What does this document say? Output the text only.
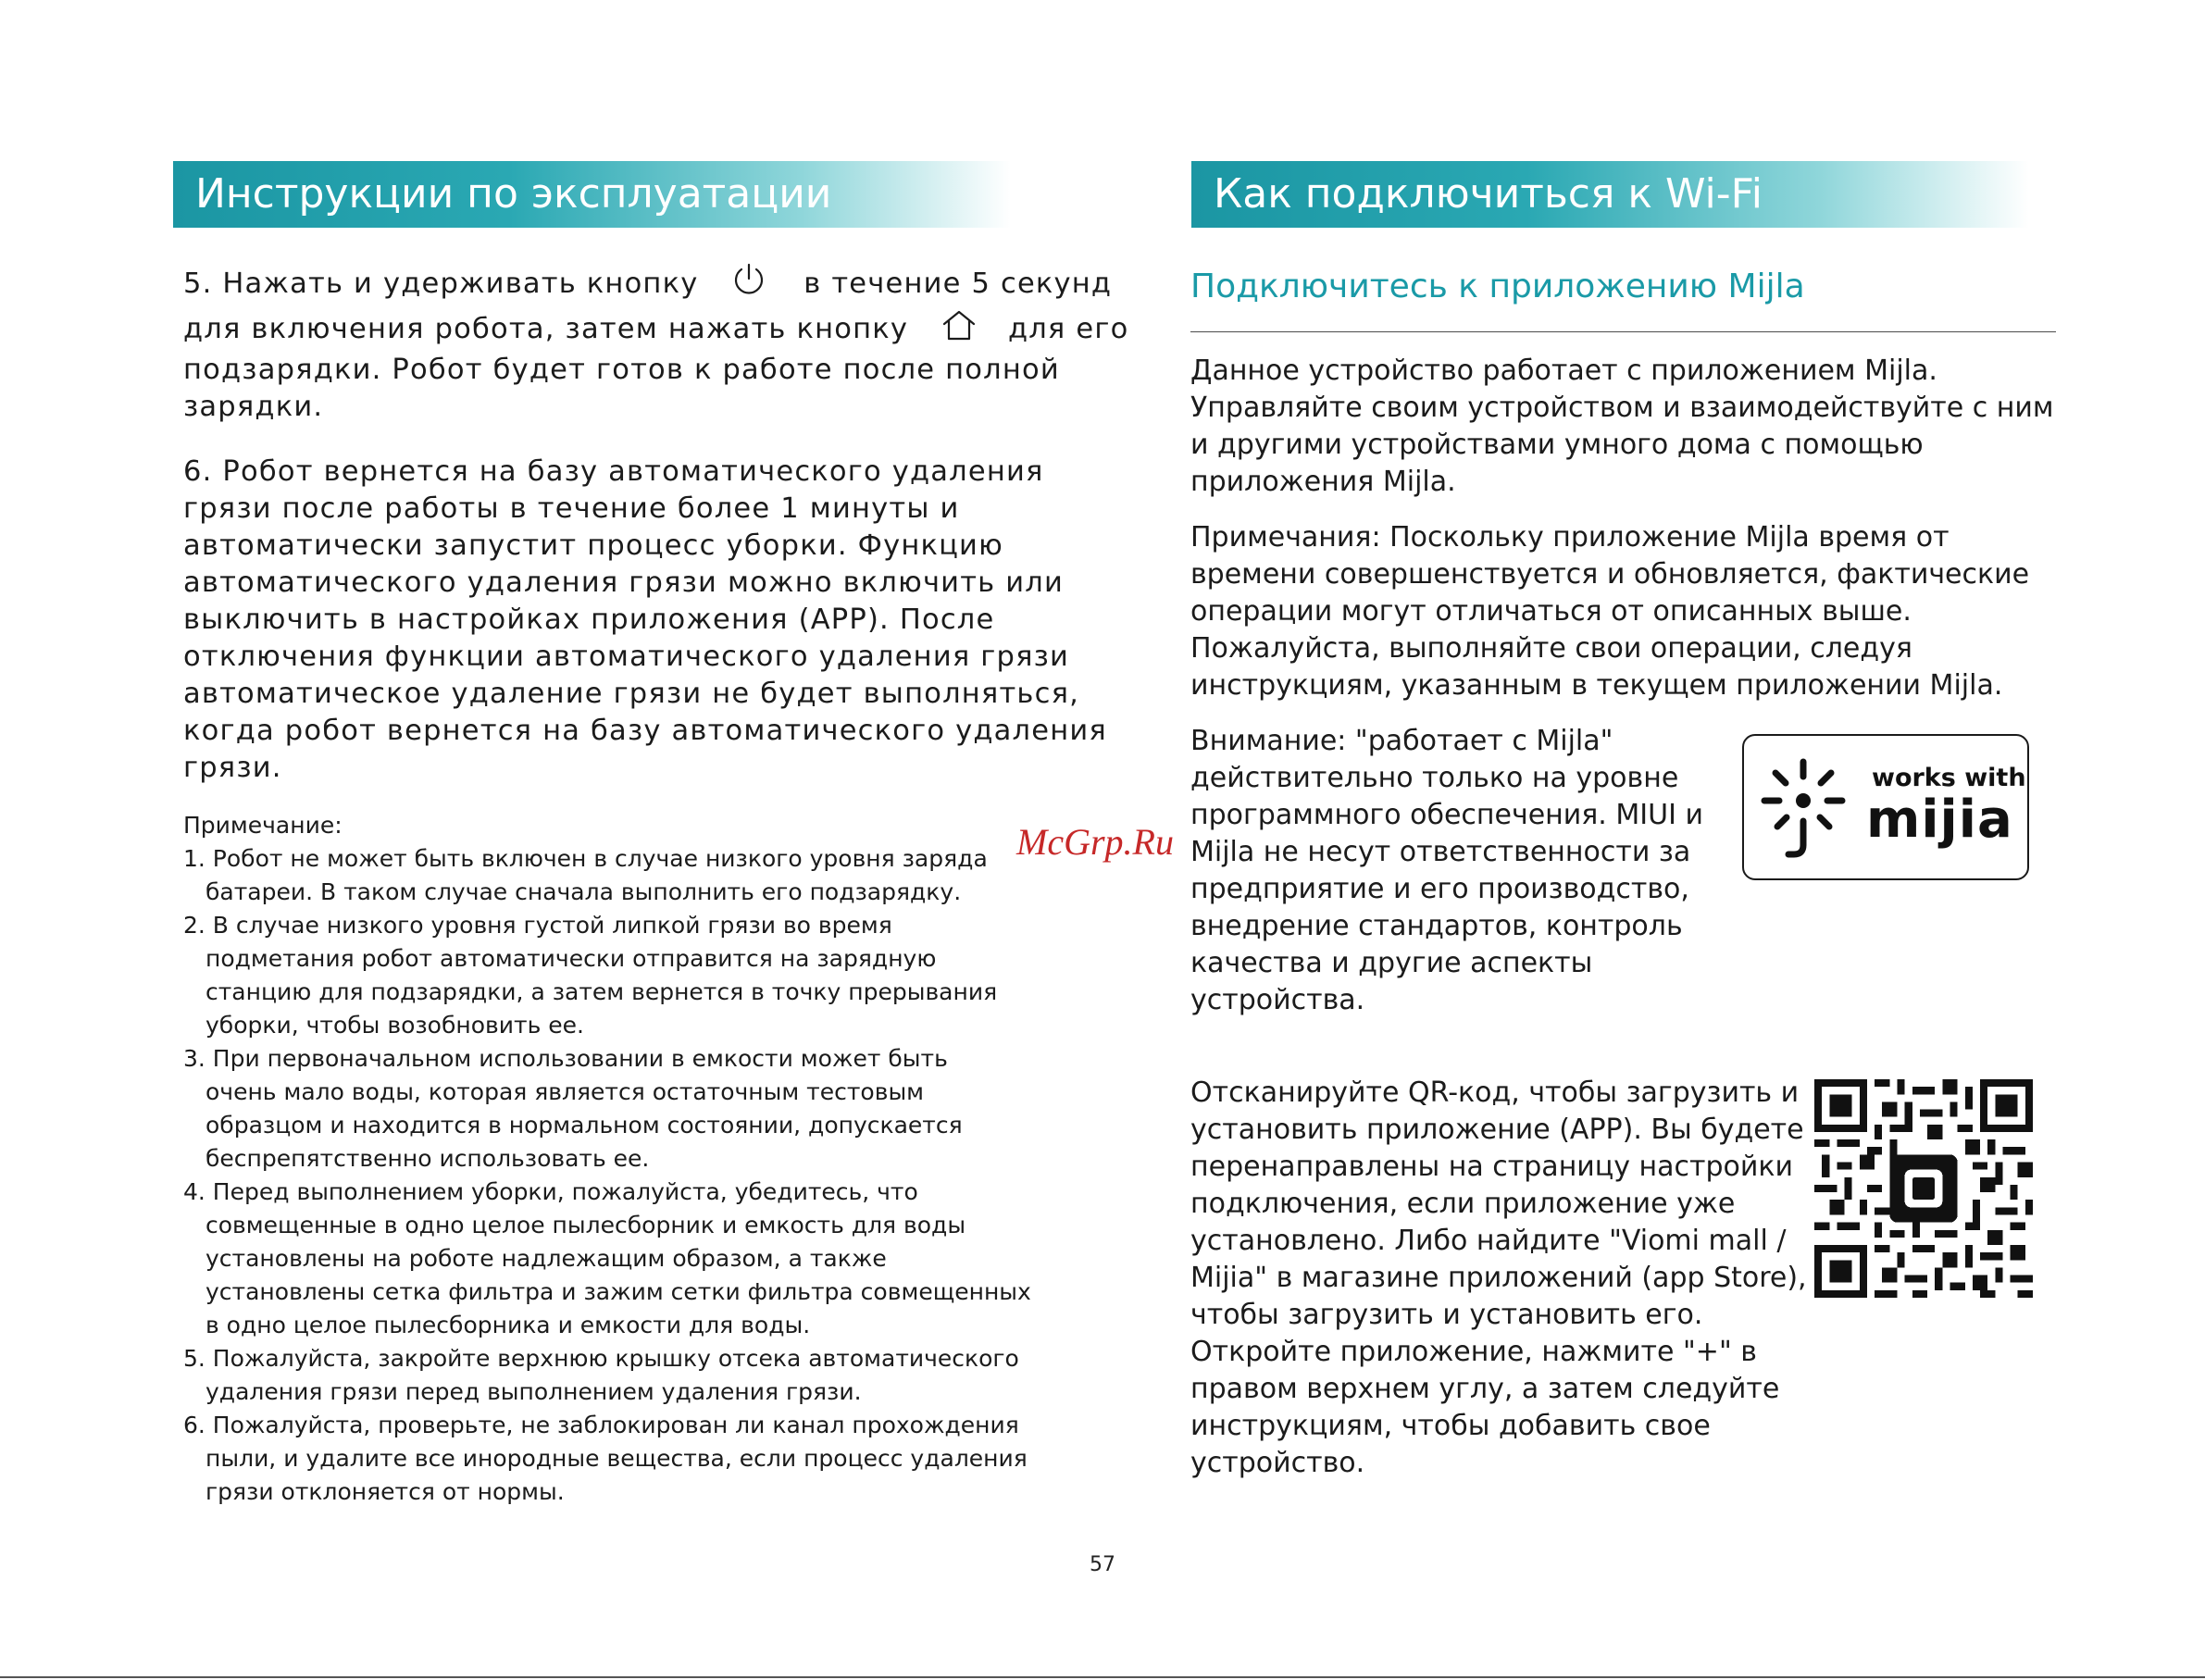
Инструкции по эксплуатации	Как подключиться к Wi-Fi
5. Нажать и удерживать кнопку	в течение 5 секунд
для включения робота, затем нажать кнопку	для его
подзарядки. Робот будет готов к работе после полной
зарядки.
6. Робот вернется на базу автоматического удаления
грязи после работы в течение более 1 минуты и
автоматически запустит процесс уборки. Функцию
автоматического удаления грязи можно включить или
выключить в настройках приложения (APP). После
отключения функции автоматического удаления грязи
автоматическое удаление грязи не будет выполняться,
когда робот вернется на базу автоматического удаления
грязи.
Примечание:
1. Робот не может быть включен в случае низкого уровня заряда
батареи. В таком случае сначала выполнить его подзарядку.
2. В случае низкого уровня густой липкой грязи во время
подметания робот автоматически отправится на зарядную
станцию для подзарядки, а затем вернется в точку прерывания
уборки, чтобы возобновить ее.
3. При первоначальном использовании в емкости может быть
очень мало воды, которая является остаточным тестовым
образцом и находится в нормальном состоянии, допускается
беспрепятственно использовать ее.
4. Перед выполнением уборки, пожалуйста, убедитесь, что
совмещенные в одно целое пылесборник и емкость для воды
установлены на роботе надлежащим образом, а также
установлены сетка фильтра и зажим сетки фильтра совмещенных
в одно целое пылесборника и емкости для воды.
5. Пожалуйста, закройте верхнюю крышку отсека автоматического
удаления грязи перед выполнением удаления грязи.
6. Пожалуйста, проверьте, не заблокирован ли канал прохождения
пыли, и удалите все инородные вещества, если процесс удаления
грязи отклоняется от нормы.
Подключитесь к приложению Mijla
Данное устройство работает с приложением Mijla.
Управляйте своим устройством и взаимодействуйте с ним
и другими устройствами умного дома с помощью
приложения Mijla.
Примечания: Поскольку приложение Mijla время от
времени совершенствуется и обновляется, фактические
операции могут отличаться от описанных выше.
Пожалуйста, выполняйте свои операции, следуя
инструкциям, указанным в текущем приложении Mijla.
Внимание: "работает с Mijla"
действительно только на уровне
программного обеспечения. MIUI и
Mijla не несут ответственности за
предприятие и его производство,
внедрение стандартов, контроль
качества и другие аспекты
устройства.
Отсканируйте QR-код, чтобы загрузить и
установить приложение (APP). Вы будете
перенаправлены на страницу настройки
подключения, если приложение уже
установлено. Либо найдите "Viomi mall /
Mijia" в магазине приложений (app Store),
чтобы загрузить и установить его.
Откройте приложение, нажмите "+" в
правом верхнем углу, а затем следуйте
инструкциям, чтобы добавить свое
устройство.
works with
mijia
McGrp.Ru
57
